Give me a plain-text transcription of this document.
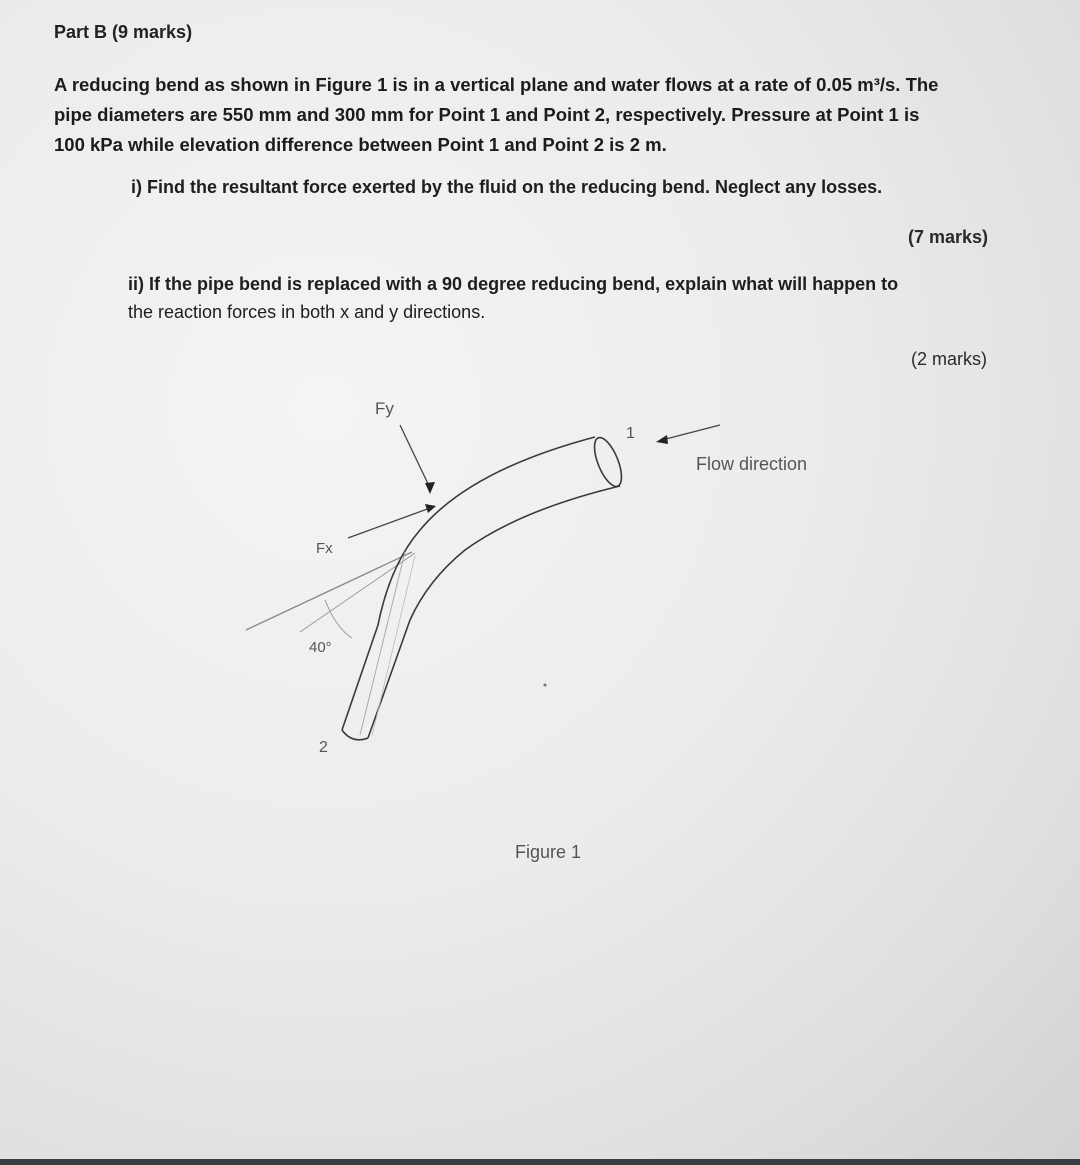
Part B (9 marks)
A reducing bend as shown in Figure 1 is in a vertical plane and water flows at a rate of 0.05 m³/s. The
pipe diameters are 550 mm and 300 mm for Point 1 and Point 2, respectively. Pressure at Point 1 is
100 kPa while elevation difference between Point 1 and Point 2 is 2 m.
i) Find the resultant force exerted by the fluid on the reducing bend. Neglect any losses.
(7 marks)
ii) If the pipe bend is replaced with a 90 degree reducing bend, explain what will happen to
the reaction forces in both x and y directions.
(2 marks)
Fy
Fx
1
2
40°
Flow direction
Figure 1
